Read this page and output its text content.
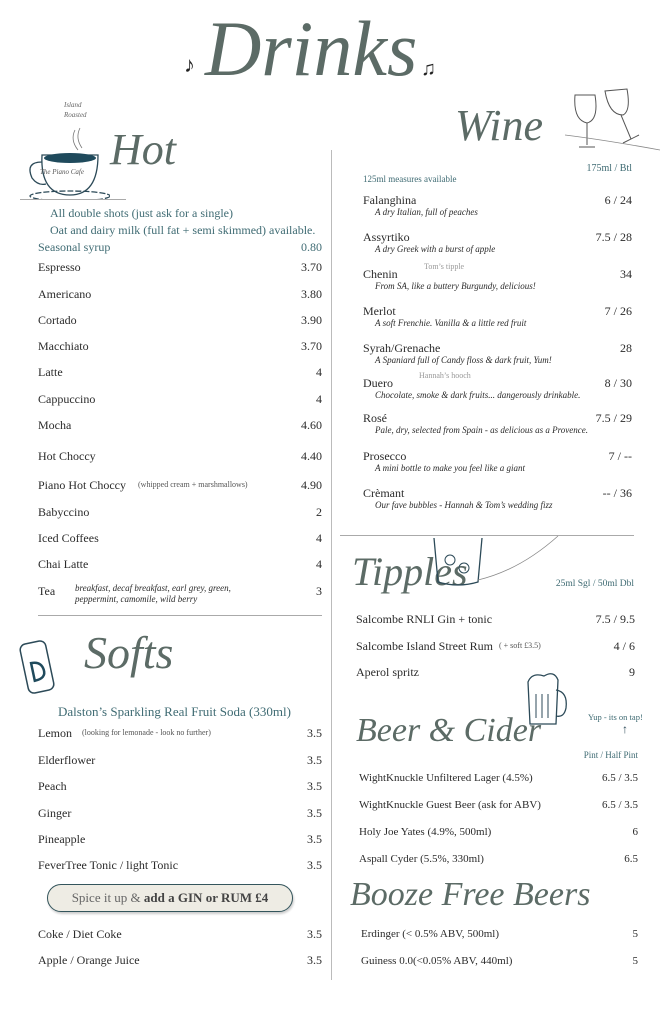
Drinks
♪	♫
The Piano Cafe
Island Roasted
Hot
All double shots (just ask for a single)
Oat and dairy milk (full fat + semi skimmed) available.
Seasonal syrup	0.80
Espresso	3.70
Americano	3.80
Cortado	3.90
Macchiato	3.70
Latte	4
Cappuccino	4
Mocha	4.60
Hot Choccy	4.40
Piano Hot Choccy	4.90
(whipped cream + marshmallows)
Babyccino	2
Iced Coffees	4
Chai Latte	4
Tea	3
breakfast, decaf breakfast, earl grey, green,
peppermint, camomile, wild berry
Softs
Dalston’s Sparkling Real Fruit Soda (330ml)
Lemon	3.5
(looking for lemonade - look no further)
Elderflower	3.5
Peach	3.5
Ginger	3.5
Pineapple	3.5
FeverTree Tonic / light Tonic	3.5
Spice it up & add a GIN or RUM £4
Coke / Diet Coke	3.5
Apple / Orange Juice	3.5
Wine
125ml measures available
175ml / Btl
Falanghina	6 / 24
A dry Italian, full of peaches
Assyrtiko	7.5 / 28
A dry Greek with a burst of apple
Chenin	34
Tom’s tipple
From SA, like a buttery Burgundy, delicious!
Merlot	7 / 26
A soft Frenchie. Vanilla & a little red fruit
Syrah/Grenache	28
A Spaniard full of Candy floss & dark fruit, Yum!
Duero	8 / 30
Hannah’s hooch
Chocolate, smoke & dark fruits... dangerously drinkable.
Rosé	7.5 / 29
Pale, dry, selected from Spain - as delicious as a Provence.
Prosecco	7 / --
A mini bottle to make you feel like a giant
Crèmant	-- / 36
Our fave bubbles - Hannah & Tom’s wedding fizz
Tipples	25ml Sgl / 50ml Dbl
Salcombe RNLI Gin + tonic	7.5 / 9.5
Salcombe Island Street Rum	4 / 6
( + soft £3.5)
Aperol spritz	9
Beer & Cider	Yup - its on tap!
↑
Pint / Half Pint
WightKnuckle Unfiltered Lager (4.5%)	6.5 / 3.5
WightKnuckle Guest Beer (ask for ABV)	6.5 / 3.5
Holy Joe Yates (4.9%, 500ml)	6
Aspall Cyder (5.5%, 330ml)	6.5
Booze Free Beers
Erdinger (< 0.5% ABV, 500ml)	5
Guiness 0.0(<0.05% ABV, 440ml)	5
